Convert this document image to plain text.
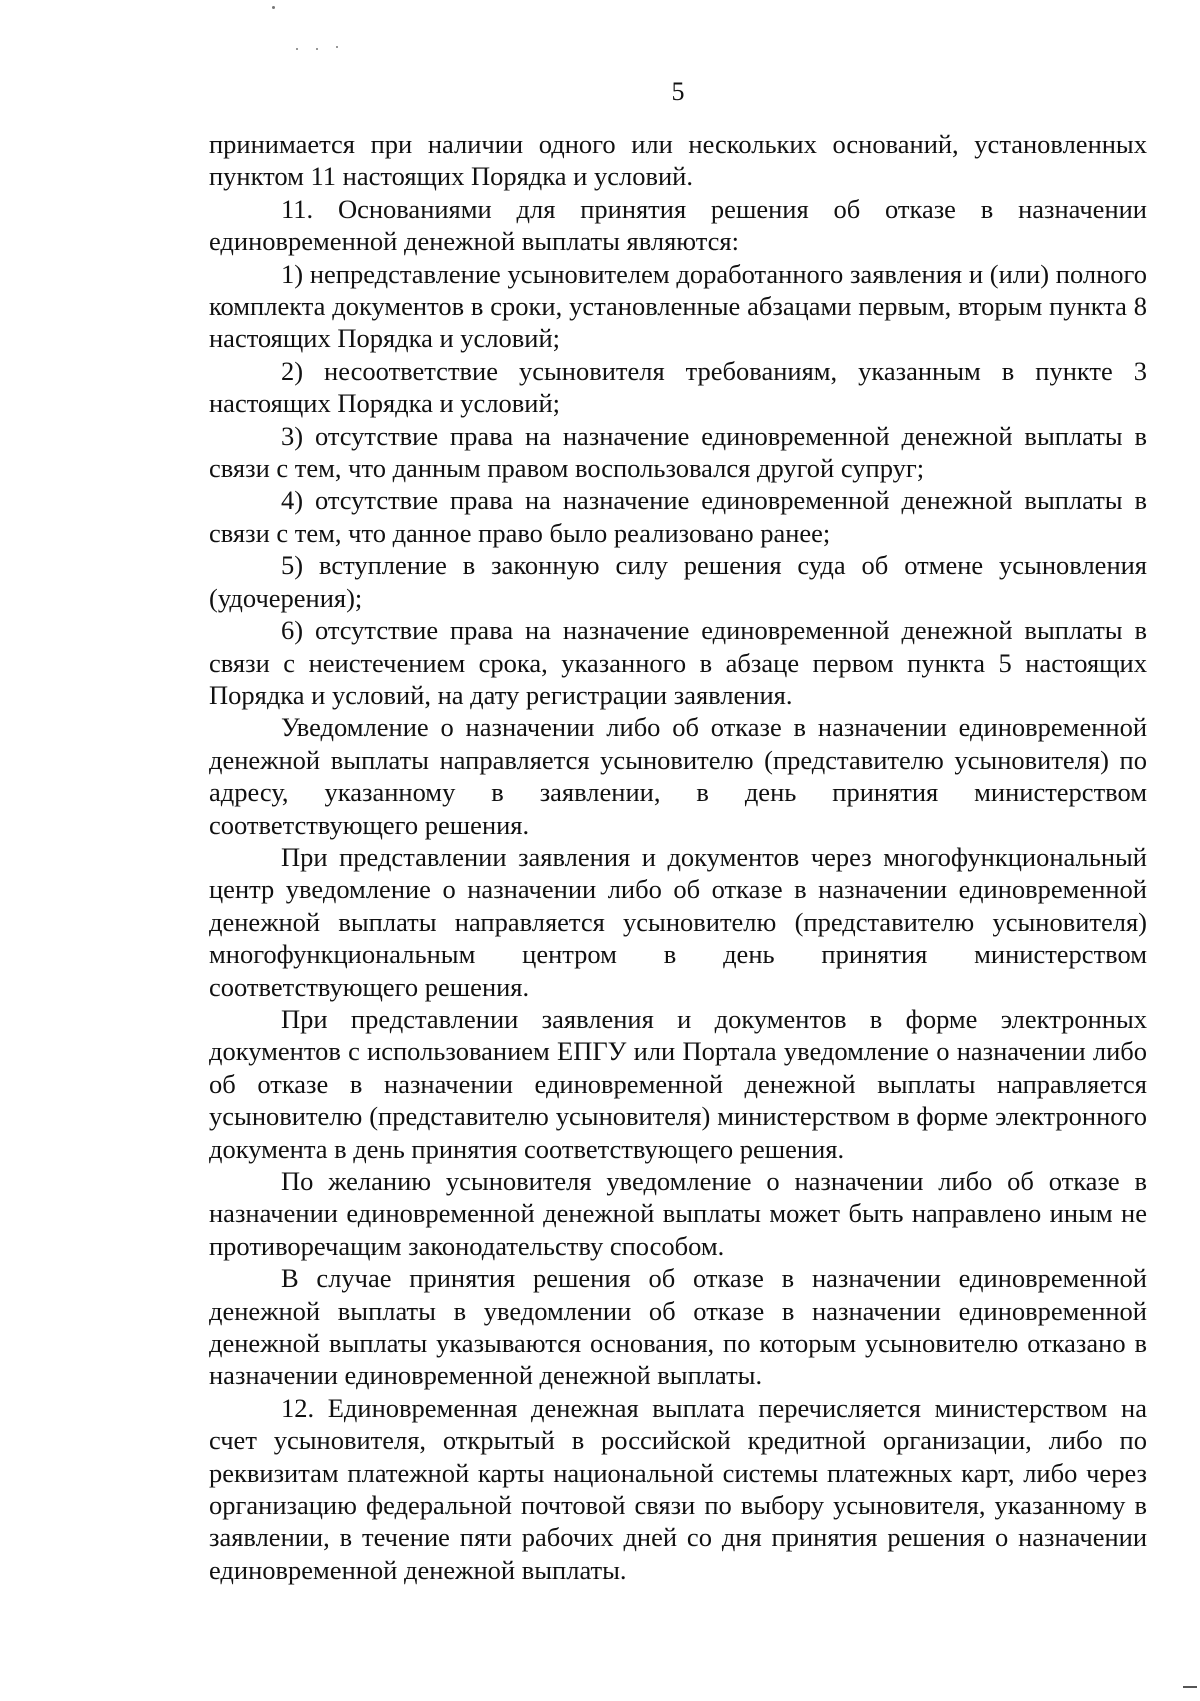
5

принимается при наличии одного или нескольких оснований, установленных пунктом 11 настоящих Порядка и условий.

11. Основаниями для принятия решения об отказе в назначении единовременной денежной выплаты являются:

1) непредставление усыновителем доработанного заявления и (или) полного комплекта документов в сроки, установленные абзацами первым, вторым пункта 8 настоящих Порядка и условий;

2) несоответствие усыновителя требованиям, указанным в пункте 3 настоящих Порядка и условий;

3) отсутствие права на назначение единовременной денежной выплаты в связи с тем, что данным правом воспользовался другой супруг;

4) отсутствие права на назначение единовременной денежной выплаты в связи с тем, что данное право было реализовано ранее;

5) вступление в законную силу решения суда об отмене усыновления (удочерения);

6) отсутствие права на назначение единовременной денежной выплаты в связи с неистечением срока, указанного в абзаце первом пункта 5 настоящих Порядка и условий, на дату регистрации заявления.

Уведомление о назначении либо об отказе в назначении единовременной денежной выплаты направляется усыновителю (представителю усыновителя) по адресу, указанному в заявлении, в день принятия министерством соответствующего решения.

При представлении заявления и документов через многофункциональный центр уведомление о назначении либо об отказе в назначении единовременной денежной выплаты направляется усыновителю (представителю усыновителя) многофункциональным центром в день принятия министерством соответствующего решения.

При представлении заявления и документов в форме электронных документов с использованием ЕПГУ или Портала уведомление о назначении либо об отказе в назначении единовременной денежной выплаты направляется усыновителю (представителю усыновителя) министерством в форме электронного документа в день принятия соответствующего решения.

По желанию усыновителя уведомление о назначении либо об отказе в назначении единовременной денежной выплаты может быть направлено иным не противоречащим законодательству способом.

В случае принятия решения об отказе в назначении единовременной денежной выплаты в уведомлении об отказе в назначении единовременной денежной выплаты указываются основания, по которым усыновителю отказано в назначении единовременной денежной выплаты.

12. Единовременная денежная выплата перечисляется министерством на счет усыновителя, открытый в российской кредитной организации, либо по реквизитам платежной карты национальной системы платежных карт, либо через организацию федеральной почтовой связи по выбору усыновителя, указанному в заявлении, в течение пяти рабочих дней со дня принятия решения о назначении единовременной денежной выплаты.
